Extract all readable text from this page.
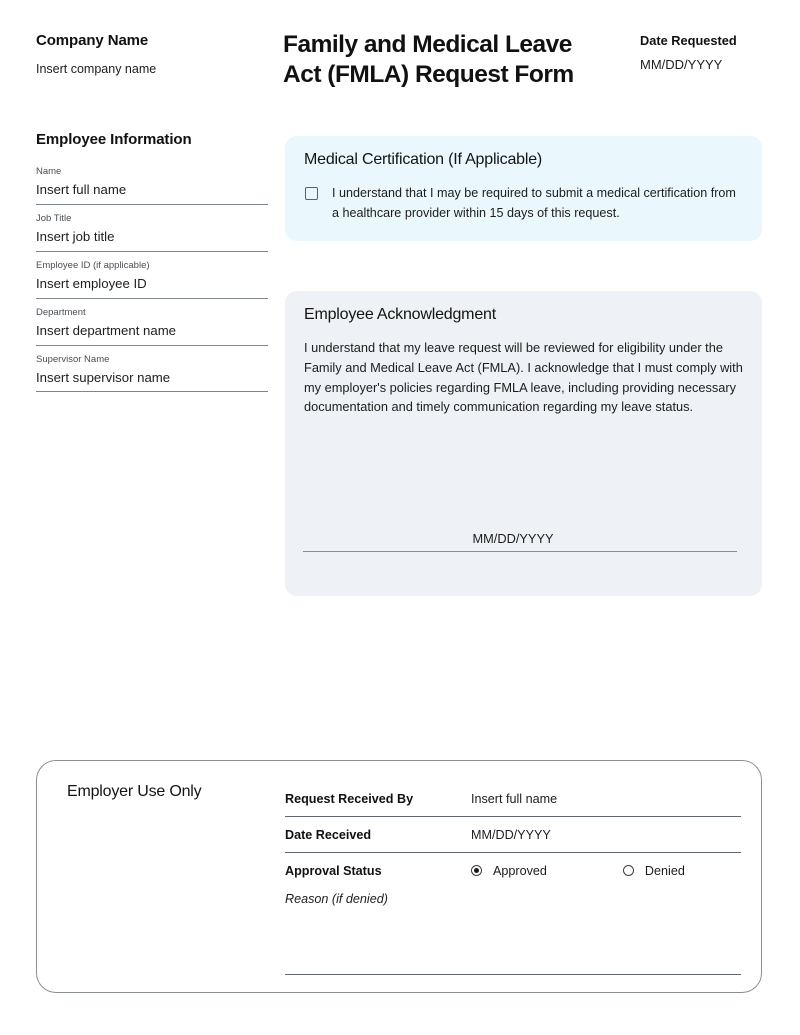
Company Name
Insert company name
Family and Medical Leave Act (FMLA) Request Form
Date Requested
MM/DD/YYYY
Employee Information
Name
Insert full name
Job Title
Insert job title
Employee ID (if applicable)
Insert employee ID
Department
Insert department name
Supervisor Name
Insert supervisor name
Medical Certification (If Applicable)
I understand that I may be required to submit a medical certification from a healthcare provider within 15 days of this request.
Employee Acknowledgment
I understand that my leave request will be reviewed for eligibility under the Family and Medical Leave Act (FMLA). I acknowledge that I must comply with my employer's policies regarding FMLA leave, including providing necessary documentation and timely communication regarding my leave status.
MM/DD/YYYY
Employer Use Only	Request Received By	Insert full name
Date Received	MM/DD/YYYY
Approval Status	Approved	Denied
Reason (if denied)
